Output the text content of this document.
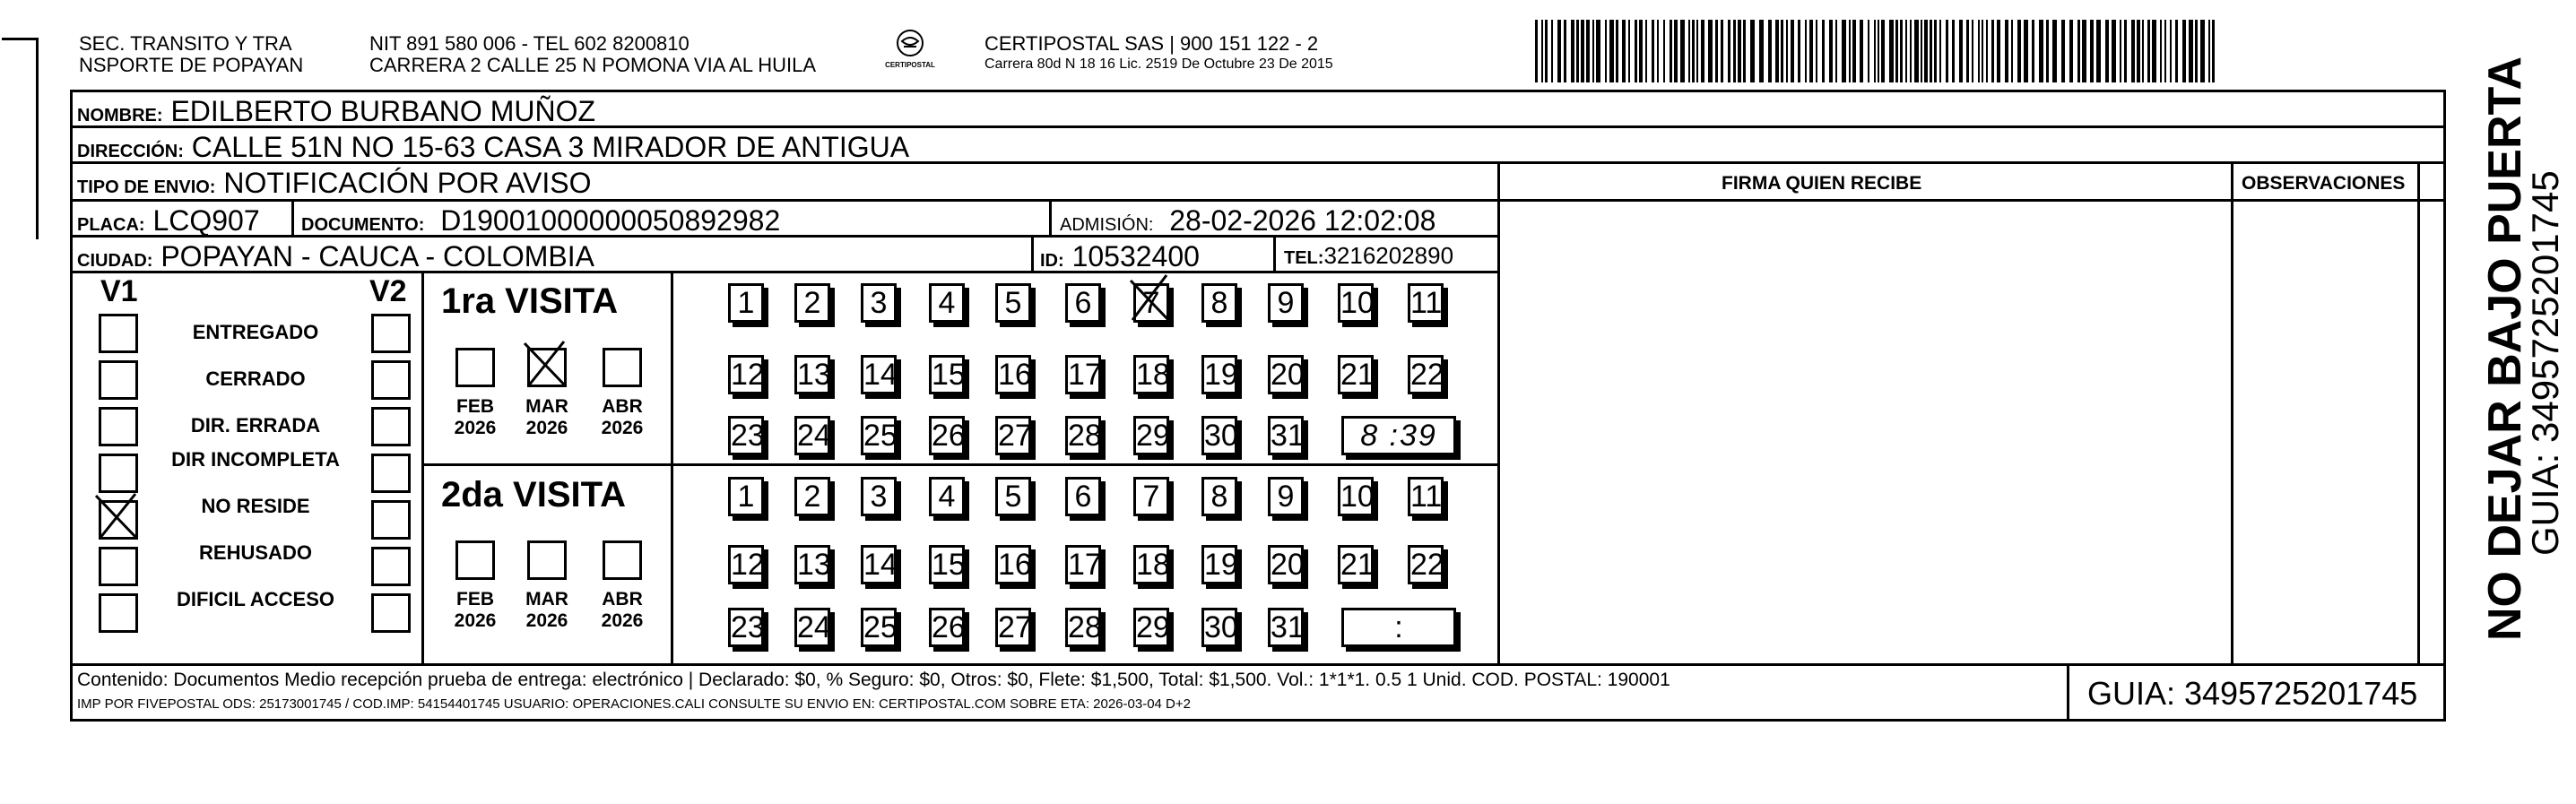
SEC. TRANSITO Y TRA
NSPORTE DE POPAYAN
NIT 891 580 006 - TEL 602 8200810
CARRERA 2 CALLE 25 N POMONA VIA AL HUILA	CERTIPOSTAL
CERTIPOSTAL SAS | 900 151 122 - 2
Carrera 80d N 18 16 Lic. 2519 De Octubre 23 De 2015
NOMBRE: EDILBERTO BURBANO MUÑOZ
DIRECCIÓN: CALLE 51N NO 15-63 CASA 3 MIRADOR DE ANTIGUA
TIPO DE ENVIO: NOTIFICACIÓN POR AVISO	FIRMA QUIEN RECIBE	OBSERVACIONES
PLACA: LCQ907 DOCUMENTO: D19001000000050892982	ADMISIÓN: 28-02-2026 12:02:08
CIUDAD: POPAYAN - CAUCA - COLOMBIA	ID: 10532400	TEL:3216202890
V1	V2 1ra VISITA
2da VISITA
Contenido: Documentos Medio recepción prueba de entrega: electrónico | Declarado: $0, % Seguro: $0, Otros: $0, Flete: $1,500, Total: $1,500. Vol.: 1*1*1. 0.5 1 Unid. COD. POSTAL: 190001
IMP POR FIVEPOSTAL ODS: 25173001745 / COD.IMP: 54154401745 USUARIO: OPERACIONES.CALI CONSULTE SU ENVIO EN: CERTIPOSTAL.COM SOBRE ETA: 2026-03-04 D+2	GUIA: 3495725201745
NO DEJAR BAJO PUERTA
GUIA: 3495725201745
ENTREGADO
CERRADO
DIR. ERRADA
DIR INCOMPLETA
NO RESIDE
REHUSADO
DIFICIL ACCESO
FEB
2026
MAR
2026
ABR
2026
FEB
2026
MAR
2026
ABR
2026
1	2	3	4	5	6	7	8	9	10 11
12 13 14 15 16 17 18 19 20 21 22
23 24 25 26 27 28 29 30 31	8 :39
1	2	3	4	5	6	7	8	9	10 11
12 13 14 15 16 17 18 19 20 21 22
23 24 25 26 27 28 29 30 31	:
